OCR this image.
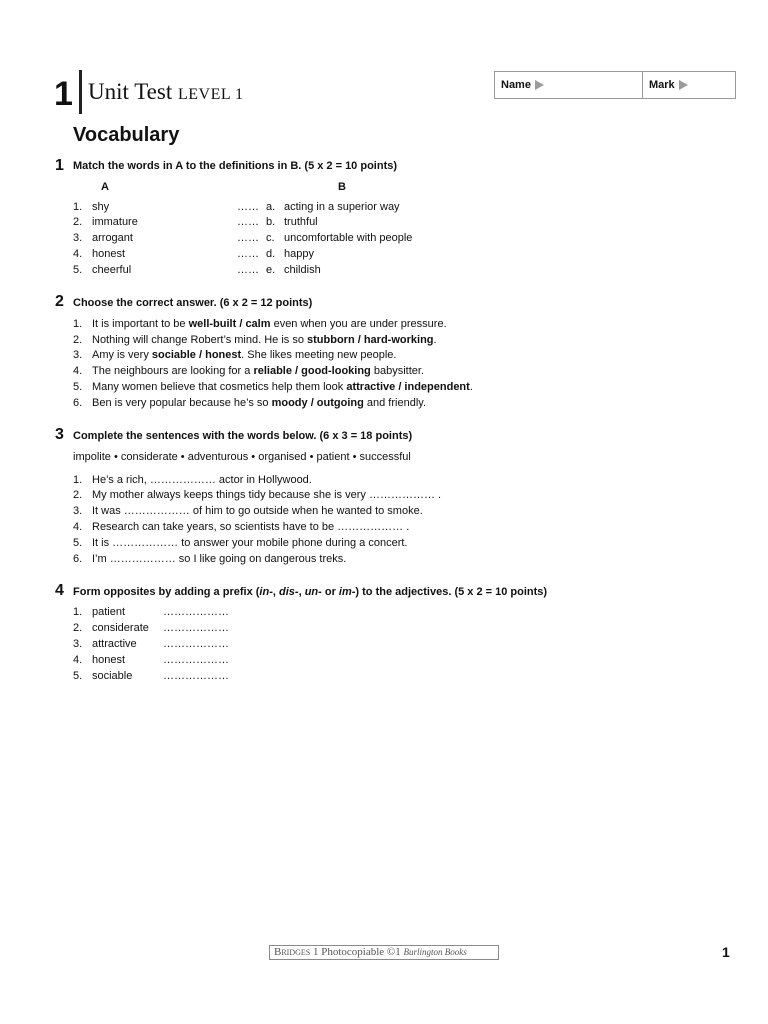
1 Unit Test LEVEL 1
Name	Mark
Vocabulary
1 Match the words in A to the definitions in B. (5 x 2 = 10 points)
A	B
1. shy	…… a. acting in a superior way
2. immature	…… b. truthful
3. arrogant	…… c. uncomfortable with people
4. honest	…… d. happy
5. cheerful	…… e. childish
2 Choose the correct answer. (6 x 2 = 12 points)
1. It is important to be well-built / calm even when you are under pressure.
2. Nothing will change Robert’s mind. He is so stubborn / hard-working.
3. Amy is very sociable / honest. She likes meeting new people.
4. The neighbours are looking for a reliable / good-looking babysitter.
5. Many women believe that cosmetics help them look attractive / independent.
6. Ben is very popular because he’s so moody / outgoing and friendly.
3 Complete the sentences with the words below. (6 x 3 = 18 points)
impolite • considerate • adventurous • organised • patient • successful
1. He’s a rich, ……………… actor in Hollywood.
2. My mother always keeps things tidy because she is very ……………… .
3. It was ……………… of him to go outside when he wanted to smoke.
4. Research can take years, so scientists have to be ……………… .
5. It is ……………… to answer your mobile phone during a concert.
6. I’m ……………… so I like going on dangerous treks.
4 Form opposites by adding a prefix (in-, dis-, un- or im-) to the adjectives. (5 x 2 = 10 points)
1. patient	………………
2. considerate ………………
3. attractive ………………
4. honest	………………
5. sociable	………………
Bridges 1 Photocopiable ©1 Burlington Books	1
